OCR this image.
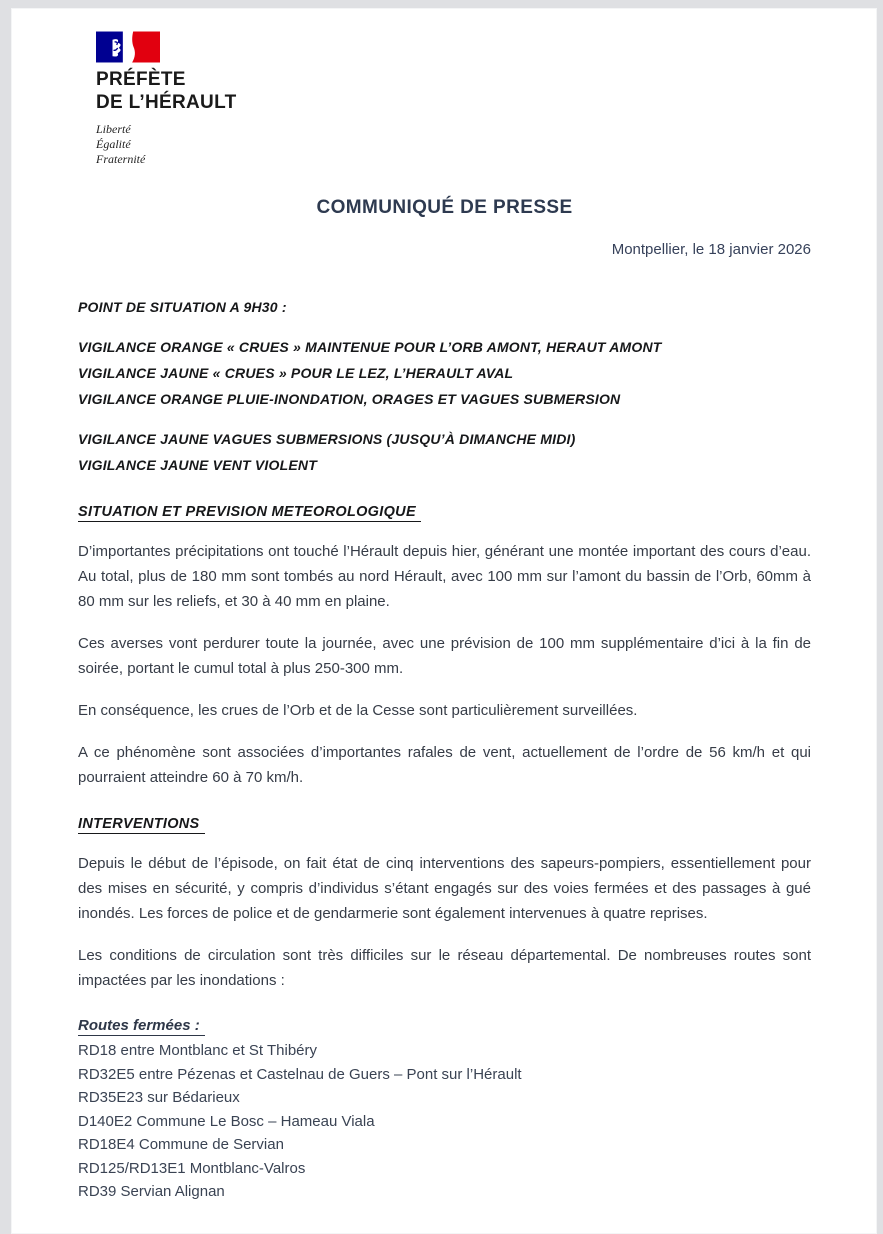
PRÉFÈTE
DE L’HÉRAULT
Liberté
Égalité
Fraternité
COMMUNIQUÉ DE PRESSE
Montpellier, le 18 janvier 2026
POINT DE SITUATION A 9H30 :
VIGILANCE ORANGE « CRUES » MAINTENUE POUR L’ORB AMONT, HERAUT AMONT
VIGILANCE JAUNE « CRUES » POUR LE LEZ, L’HERAULT AVAL
VIGILANCE ORANGE PLUIE-INONDATION, ORAGES ET VAGUES SUBMERSION
VIGILANCE JAUNE VAGUES SUBMERSIONS (JUSQU’À DIMANCHE MIDI)
VIGILANCE JAUNE VENT VIOLENT
SITUATION ET PREVISION METEOROLOGIQUE

D’importantes précipitations ont touché l’Hérault depuis hier, générant une montée important des cours d’eau. Au total, plus de 180 mm sont tombés au nord Hérault, avec 100 mm sur l’amont du bassin de l’Orb, 60mm à 80 mm sur les reliefs, et 30 à 40 mm en plaine.

Ces averses vont perdurer toute la journée, avec une prévision de 100 mm supplémentaire d’ici à la fin de soirée, portant le cumul total à plus 250-300 mm.

En conséquence, les crues de l’Orb et de la Cesse sont particulièrement surveillées.

A ce phénomène sont associées d’importantes rafales de vent, actuellement de l’ordre de 56 km/h et qui pourraient atteindre 60 à 70 km/h.

INTERVENTIONS

Depuis le début de l’épisode, on fait état de cinq interventions des sapeurs-pompiers, essentiellement pour des mises en sécurité, y compris d’individus s’étant engagés sur des voies fermées et des passages à gué inondés. Les forces de police et de gendarmerie sont également intervenues à quatre reprises.

Les conditions de circulation sont très difficiles sur le réseau départemental. De nombreuses routes sont impactées par les inondations :

Routes fermées :
RD18 entre Montblanc et St Thibéry
RD32E5 entre Pézenas et Castelnau de Guers – Pont sur l’Hérault
RD35E23 sur Bédarieux
D140E2 Commune Le Bosc – Hameau Viala
RD18E4 Commune de Servian
RD125/RD13E1 Montblanc-Valros
RD39 Servian Alignan
